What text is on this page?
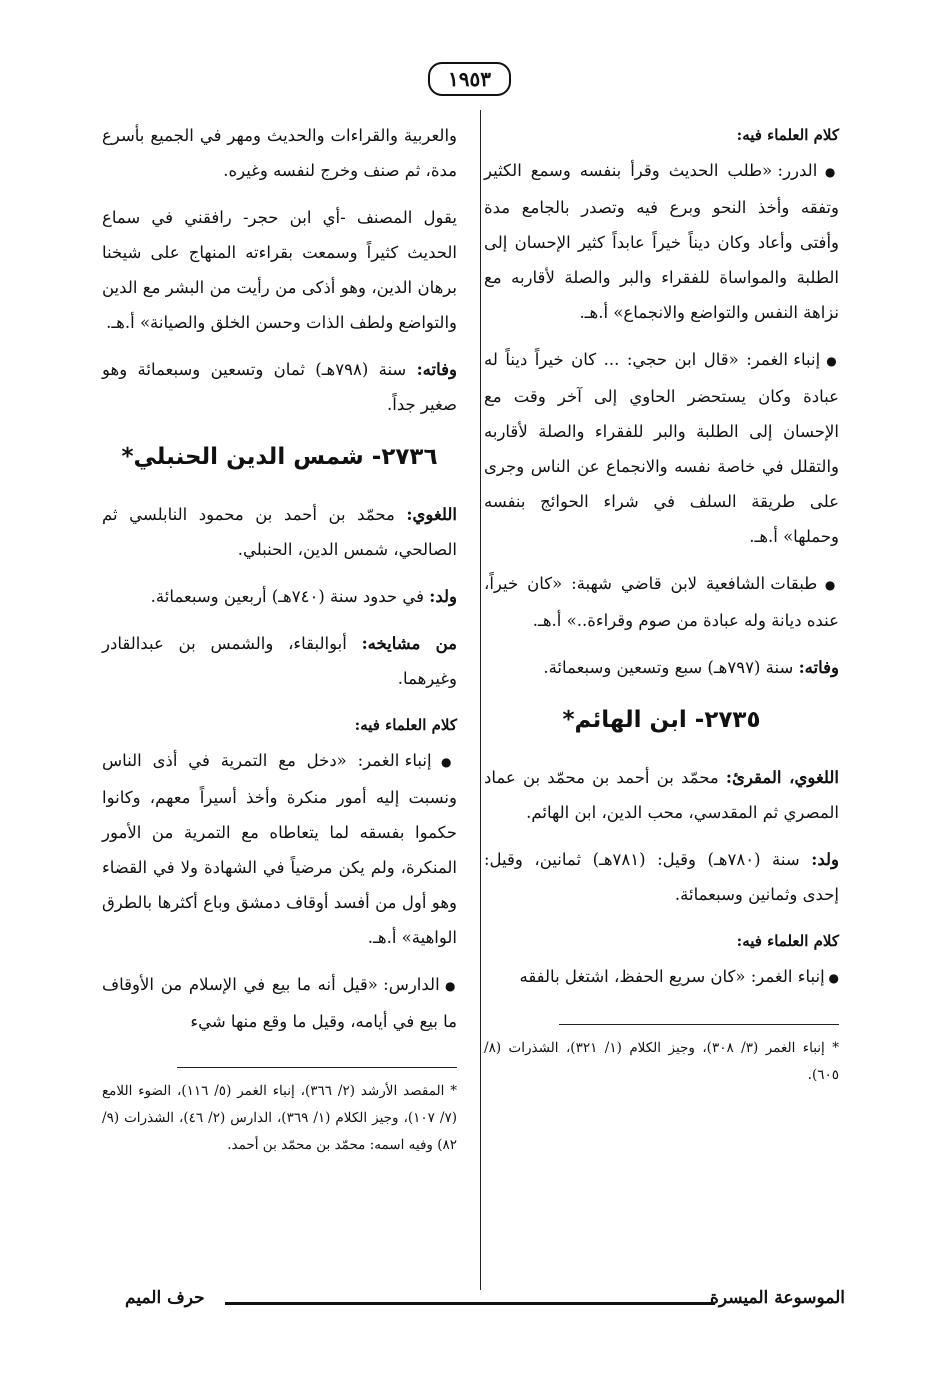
١٩٥٣

كلام العلماء فيه:

● الدرر: «طلب الحديث وقرأ بنفسه وسمع الكثير وتفقه وأخذ النحو وبرع فيه وتصدر بالجامع مدة وأفتى وأعاد وكان ديناً خيراً عابداً كثير الإحسان إلى الطلبة والمواساة للفقراء والبر والصلة لأقاربه مع نزاهة النفس والتواضع والانجماع» أ.هـ.

● إنباء الغمر: «قال ابن حجي: ... كان خيراً ديناً له عبادة وكان يستحضر الحاوي إلى آخر وقت مع الإحسان إلى الطلبة والبر للفقراء والصلة لأقاربه والتقلل في خاصة نفسه والانجماع عن الناس وجرى على طريقة السلف في شراء الحوائج بنفسه وحملها» أ.هـ.

● طبقات الشافعية لابن قاضي شهبة: «كان خيراً، عنده ديانة وله عبادة من صوم وقراءة..» أ.هـ.

وفاته: سنة (٧٩٧هـ) سبع وتسعين وسبعمائة.

٢٧٣٥- ابن الهائم*

اللغوي، المقرئ: محمّد بن أحمد بن محمّد بن عماد المصري ثم المقدسي، محب الدين، ابن الهائم.

ولد: سنة (٧٨٠هـ) وقيل: (٧٨١هـ) ثمانين، وقيل: إحدى وثمانين وسبعمائة.

كلام العلماء فيه:

● إنباء الغمر: «كان سريع الحفظ، اشتغل بالفقه

* إنباء الغمر (٣/ ٣٠٨)، وجيز الكلام (١/ ٣٢١)، الشذرات (٨/ ٦٠٥).

والعربية والقراءات والحديث ومهر في الجميع بأسرع مدة، ثم صنف وخرج لنفسه وغيره.

يقول المصنف -أي ابن حجر- رافقني في سماع الحديث كثيراً وسمعت بقراءته المنهاج على شيخنا برهان الدين، وهو أذكى من رأيت من البشر مع الدين والتواضع ولطف الذات وحسن الخلق والصيانة» أ.هـ.

وفاته: سنة (٧٩٨هـ) ثمان وتسعين وسبعمائة وهو صغير جداً.

٢٧٣٦- شمس الدين الحنبلي*

اللغوي: محمّد بن أحمد بن محمود النابلسي ثم الصالحي، شمس الدين، الحنبلي.

ولد: في حدود سنة (٧٤٠هـ) أربعين وسبعمائة.

من مشايخه: أبوالبقاء، والشمس بن عبدالقادر وغيرهما.

كلام العلماء فيه:

● إنباء الغمر: «دخل مع التمرية في أذى الناس ونسبت إليه أمور منكرة وأخذ أسيراً معهم، وكانوا حكموا بفسقه لما يتعاطاه مع التمرية من الأمور المنكرة، ولم يكن مرضياً في الشهادة ولا في القضاء وهو أول من أفسد أوقاف دمشق وباع أكثرها بالطرق الواهية» أ.هـ.

● الدارس: «قيل أنه ما بيع في الإسلام من الأوقاف ما بيع في أيامه، وقيل ما وقع منها شيء

* المقصد الأرشد (٢/ ٣٦٦)، إنباء الغمر (٥/ ١١٦)، الضوء اللامع (٧/ ١٠٧)، وجيز الكلام (١/ ٣٦٩)، الدارس (٢/ ٤٦)، الشذرات (٩/ ٨٢) وفيه اسمه: محمّد بن محمّد بن أحمد.

الموسوعة الميسرة
حرف الميم
